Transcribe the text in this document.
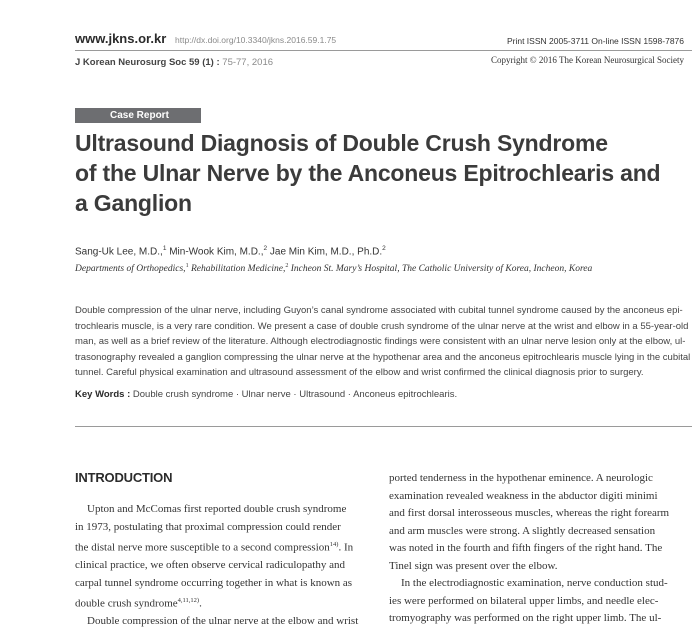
www.jkns.or.kr http://dx.doi.org/10.3340/jkns.2016.59.1.75	Print ISSN 2005-3711 On-line ISSN 1598-7876
J Korean Neurosurg Soc 59 (1) : 75-77, 2016	Copyright © 2016 The Korean Neurosurgical Society
Case Report
Ultrasound Diagnosis of Double Crush Syndrome
of the Ulnar Nerve by the Anconeus Epitrochlearis and
a Ganglion
Sang-Uk Lee, M.D.,$^1$ Min-Wook Kim, M.D.,$^2$ Jae Min Kim, M.D., Ph.D.$^2$
Departments of Orthopedics,$^1$ Rehabilitation Medicine,$^2$ Incheon St. Mary’s Hospital, The Catholic University of Korea, Incheon, Korea
Double compression of the ulnar nerve, including Guyon’s canal syndrome associated with cubital tunnel syndrome caused by the anconeus epi-
trochlearis muscle, is a very rare condition. We present a case of double crush syndrome of the ulnar nerve at the wrist and elbow in a 55-year-old
man, as well as a brief review of the literature. Although electrodiagnostic findings were consistent with an ulnar nerve lesion only at the elbow, ul-
trasonography revealed a ganglion compressing the ulnar nerve at the hypothenar area and the anconeus epitrochlearis muscle lying in the cubital
tunnel. Careful physical examination and ultrasound assessment of the elbow and wrist confirmed the clinical diagnosis prior to surgery.
Key Words : Double crush syndrome · Ulnar nerve · Ultrasound · Anconeus epitrochlearis.
INTRODUCTION
Upton and McComas first reported double crush syndrome
in 1973, postulating that proximal compression could render
the distal nerve more susceptible to a second compression$^{14)}$. In
clinical practice, we often observe cervical radiculopathy and
carpal tunnel syndrome occurring together in what is known as
double crush syndrome$^{4,11,12)}$.
Double compression of the ulnar nerve at the elbow and wrist
ported tenderness in the hypothenar eminence. A neurologic
examination revealed weakness in the abductor digiti minimi
and first dorsal interosseous muscles, whereas the right forearm
and arm muscles were strong. A slightly decreased sensation
was noted in the fourth and fifth fingers of the right hand. The
Tinel sign was present over the elbow.
In the electrodiagnostic examination, nerve conduction stud-
ies were performed on bilateral upper limbs, and needle elec-
tromyography was performed on the right upper limb. The ul-
